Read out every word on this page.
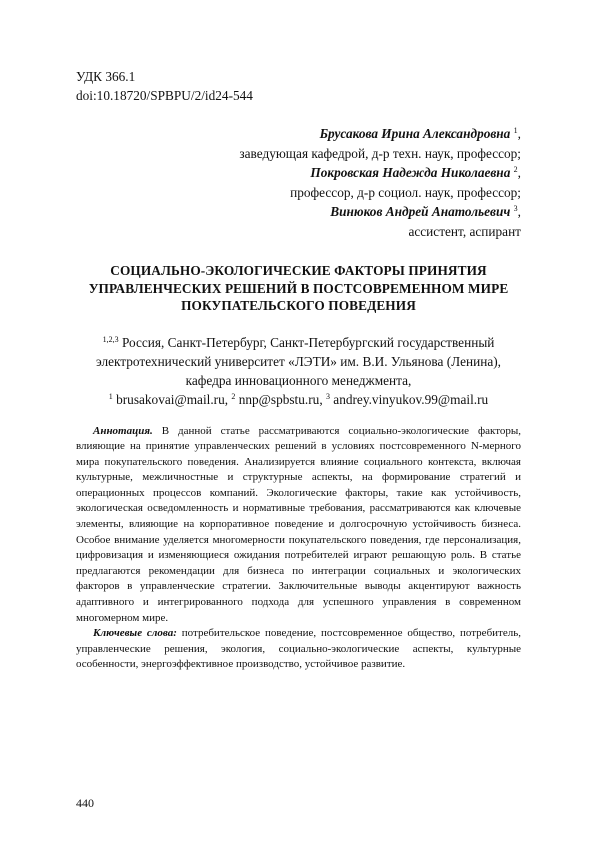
УДК 366.1
doi:10.18720/SPBPU/2/id24-544
Брусакова Ирина Александровна $^1$,
заведующая кафедрой, д-р техн. наук, профессор;
Покровская Надежда Николаевна $^2$,
профессор, д-р социол. наук, профессор;
Винюков Андрей Анатольевич $^3$,
ассистент, аспирант
СОЦИАЛЬНО-ЭКОЛОГИЧЕСКИЕ ФАКТОРЫ ПРИНЯТИЯ УПРАВЛЕНЧЕСКИХ РЕШЕНИЙ В ПОСТСОВРЕМЕННОМ МИРЕ ПОКУПАТЕЛЬСКОГО ПОВЕДЕНИЯ
$^{1,2,3}$ Россия, Санкт-Петербург, Санкт-Петербургский государственный электротехнический университет «ЛЭТИ» им. В.И. Ульянова (Ленина),
кафедра инновационного менеджмента,
$^1$ brusakovai@mail.ru, $^2$ nnp@spbstu.ru, $^3$ andrey.vinyukov.99@mail.ru

Аннотация. В данной статье рассматриваются социально-экологические факторы, влияющие на принятие управленческих решений в условиях постсовременного N-мерного мира покупательского поведения. Анализируется влияние социального контекста, включая культурные, межличностные и структурные аспекты, на формирование стратегий и операционных процессов компаний. Экологические факторы, такие как устойчивость, экологическая осведомленность и нормативные требования, рассматриваются как ключевые элементы, влияющие на корпоративное поведение и долгосрочную устойчивость бизнеса. Особое внимание уделяется многомерности покупательского поведения, где персонализация, цифровизация и изменяющиеся ожидания потребителей играют решающую роль. В статье предлагаются рекомендации для бизнеса по интеграции социальных и экологических факторов в управленческие стратегии. Заключительные выводы акцентируют важность адаптивного и интегрированного подхода для успешного управления в современном многомерном мире.

Ключевые слова: потребительское поведение, постсовременное общество, потребитель, управленческие решения, экология, социально-экологические аспекты, культурные особенности, энергоэффективное производство, устойчивое развитие.

440
